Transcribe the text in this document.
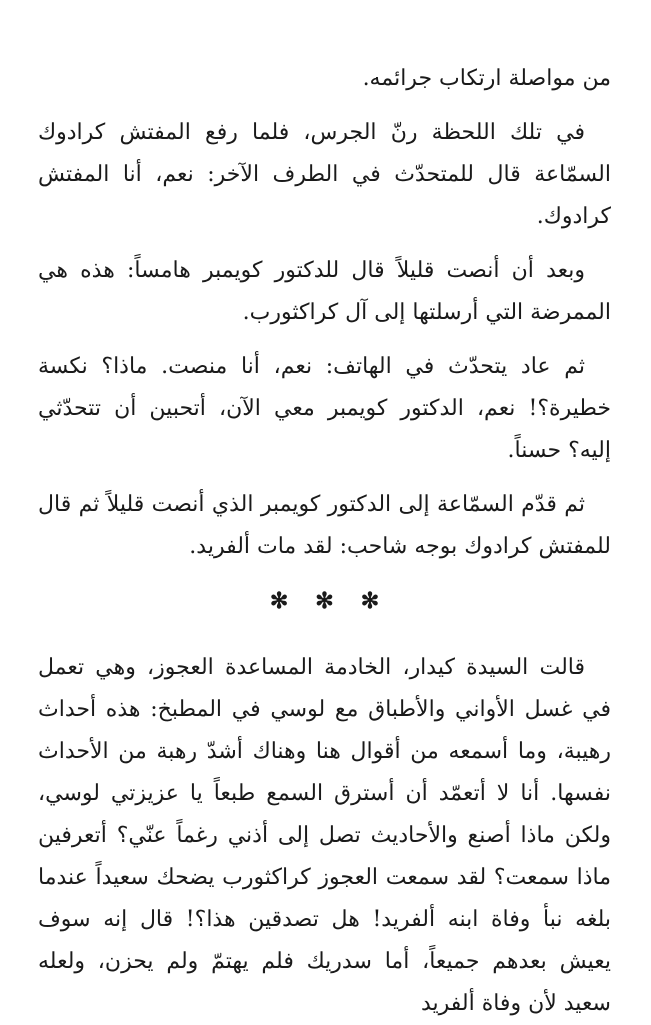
من مواصلة ارتكاب جرائمه.

في تلك اللحظة رنّ الجرس، فلما رفع المفتش كرادوك السمّاعة قال للمتحدّث في الطرف الآخر: نعم، أنا المفتش كرادوك.

وبعد أن أنصت قليلاً قال للدكتور كويمبر هامساً: هذه هي الممرضة التي أرسلتها إلى آل كراكثورب.

ثم عاد يتحدّث في الهاتف: نعم، أنا منصت. ماذا؟ نكسة خطيرة؟! نعم، الدكتور كويمبر معي الآن، أتحبين أن تتحدّثي إليه؟ حسناً.

ثم قدّم السمّاعة إلى الدكتور كويمبر الذي أنصت قليلاً ثم قال للمفتش كرادوك بوجه شاحب: لقد مات ألفريد.

✻ ✻ ✻

قالت السيدة كيدار، الخادمة المساعدة العجوز، وهي تعمل في غسل الأواني والأطباق مع لوسي في المطبخ: هذه أحداث رهيبة، وما أسمعه من أقوال هنا وهناك أشدّ رهبة من الأحداث نفسها. أنا لا أتعمّد أن أسترق السمع طبعاً يا عزيزتي لوسي، ولكن ماذا أصنع والأحاديث تصل إلى أذني رغماً عنّي؟ أتعرفين ماذا سمعت؟ لقد سمعت العجوز كراكثورب يضحك سعيداً عندما بلغه نبأ وفاة ابنه ألفريد! هل تصدقين هذا؟! قال إنه سوف يعيش بعدهم جميعاً، أما سدريك فلم يهتمّ ولم يحزن، ولعله سعيد لأن وفاة ألفريد
